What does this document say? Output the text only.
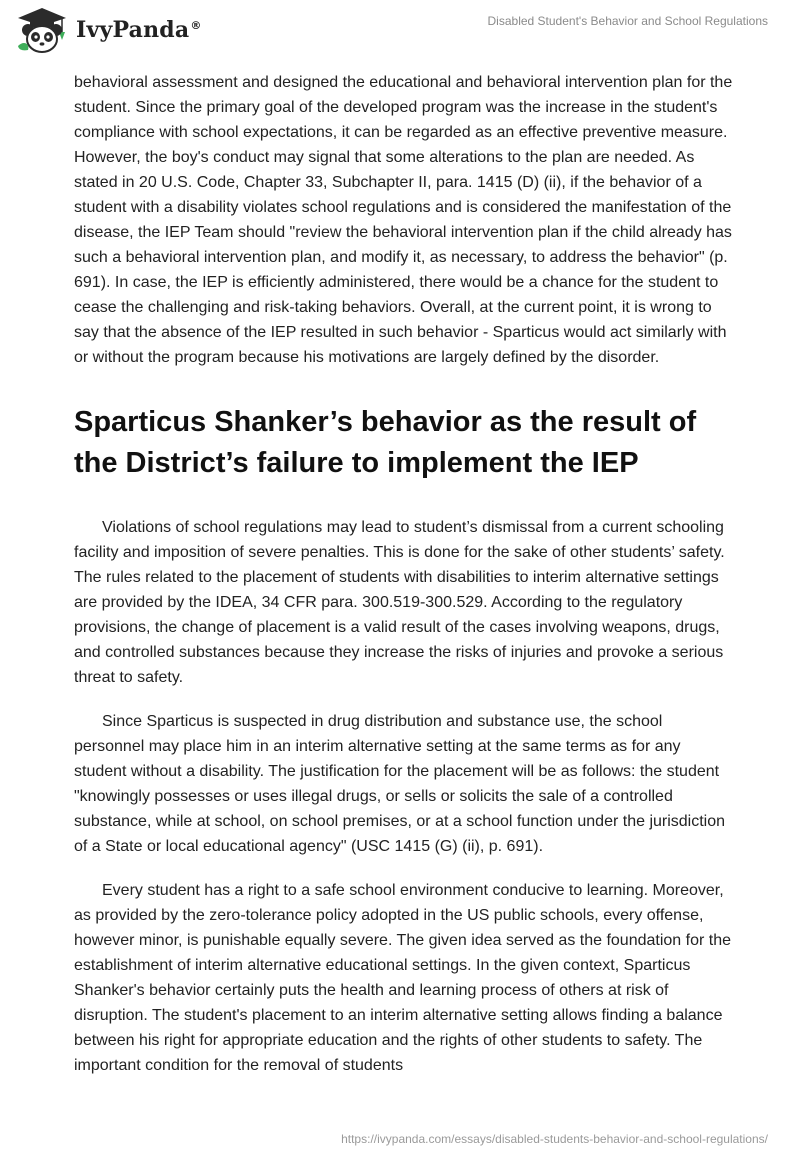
IvyPanda®	Disabled Student's Behavior and School Regulations

behavioral assessment and designed the educational and behavioral intervention plan for the student. Since the primary goal of the developed program was the increase in the student's compliance with school expectations, it can be regarded as an effective preventive measure. However, the boy's conduct may signal that some alterations to the plan are needed. As stated in 20 U.S. Code, Chapter 33, Subchapter II, para. 1415 (D) (ii), if the behavior of a student with a disability violates school regulations and is considered the manifestation of the disease, the IEP Team should "review the behavioral intervention plan if the child already has such a behavioral intervention plan, and modify it, as necessary, to address the behavior" (p. 691). In case, the IEP is efficiently administered, there would be a chance for the student to cease the challenging and risk-taking behaviors. Overall, at the current point, it is wrong to say that the absence of the IEP resulted in such behavior - Sparticus would act similarly with or without the program because his motivations are largely defined by the disorder.

Sparticus Shanker’s behavior as the result of the District’s failure to implement the IEP

Violations of school regulations may lead to student’s dismissal from a current schooling facility and imposition of severe penalties. This is done for the sake of other students’ safety. The rules related to the placement of students with disabilities to interim alternative settings are provided by the IDEA, 34 CFR para. 300.519-300.529. According to the regulatory provisions, the change of placement is a valid result of the cases involving weapons, drugs, and controlled substances because they increase the risks of injuries and provoke a serious threat to safety.

Since Sparticus is suspected in drug distribution and substance use, the school personnel may place him in an interim alternative setting at the same terms as for any student without a disability. The justification for the placement will be as follows: the student "knowingly possesses or uses illegal drugs, or sells or solicits the sale of a controlled substance, while at school, on school premises, or at a school function under the jurisdiction of a State or local educational agency" (USC 1415 (G) (ii), p. 691).

Every student has a right to a safe school environment conducive to learning. Moreover, as provided by the zero-tolerance policy adopted in the US public schools, every offense, however minor, is punishable equally severe. The given idea served as the foundation for the establishment of interim alternative educational settings. In the given context, Sparticus Shanker's behavior certainly puts the health and learning process of others at risk of disruption. The student's placement to an interim alternative setting allows finding a balance between his right for appropriate education and the rights of other students to safety. The important condition for the removal of students

https://ivypanda.com/essays/disabled-students-behavior-and-school-regulations/
